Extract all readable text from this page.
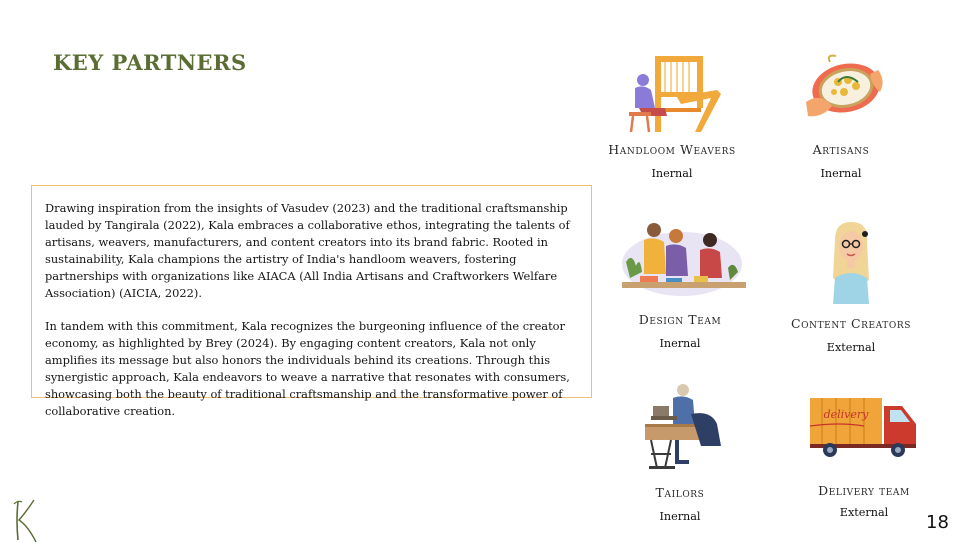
KEY PARTNERS

Drawing inspiration from the insights of Vasudev (2023) and the traditional craftsmanship lauded by Tangirala (2022), Kala embraces a collaborative ethos, integrating the talents of artisans, weavers, manufacturers, and content creators into its brand fabric. Rooted in sustainability, Kala champions the artistry of India's handloom weavers, fostering partnerships with organizations like AIACA (All India Artisans and Craftworkers Welfare Association) (AICIA, 2022).

In tandem with this commitment, Kala recognizes the burgeoning influence of the creator economy, as highlighted by Brey (2024). By engaging content creators, Kala not only amplifies its message but also honors the individuals behind its creations. Through this synergistic approach, Kala endeavors to weave a narrative that resonates with consumers, showcasing both the beauty of traditional craftsmanship and the transformative power of collaborative creation.

Handloom Weavers
Inernal
Artisans
Inernal
Design Team
Inernal
Content Creators
External
Tailors
Inernal
delivery
Delivery team
External	18
